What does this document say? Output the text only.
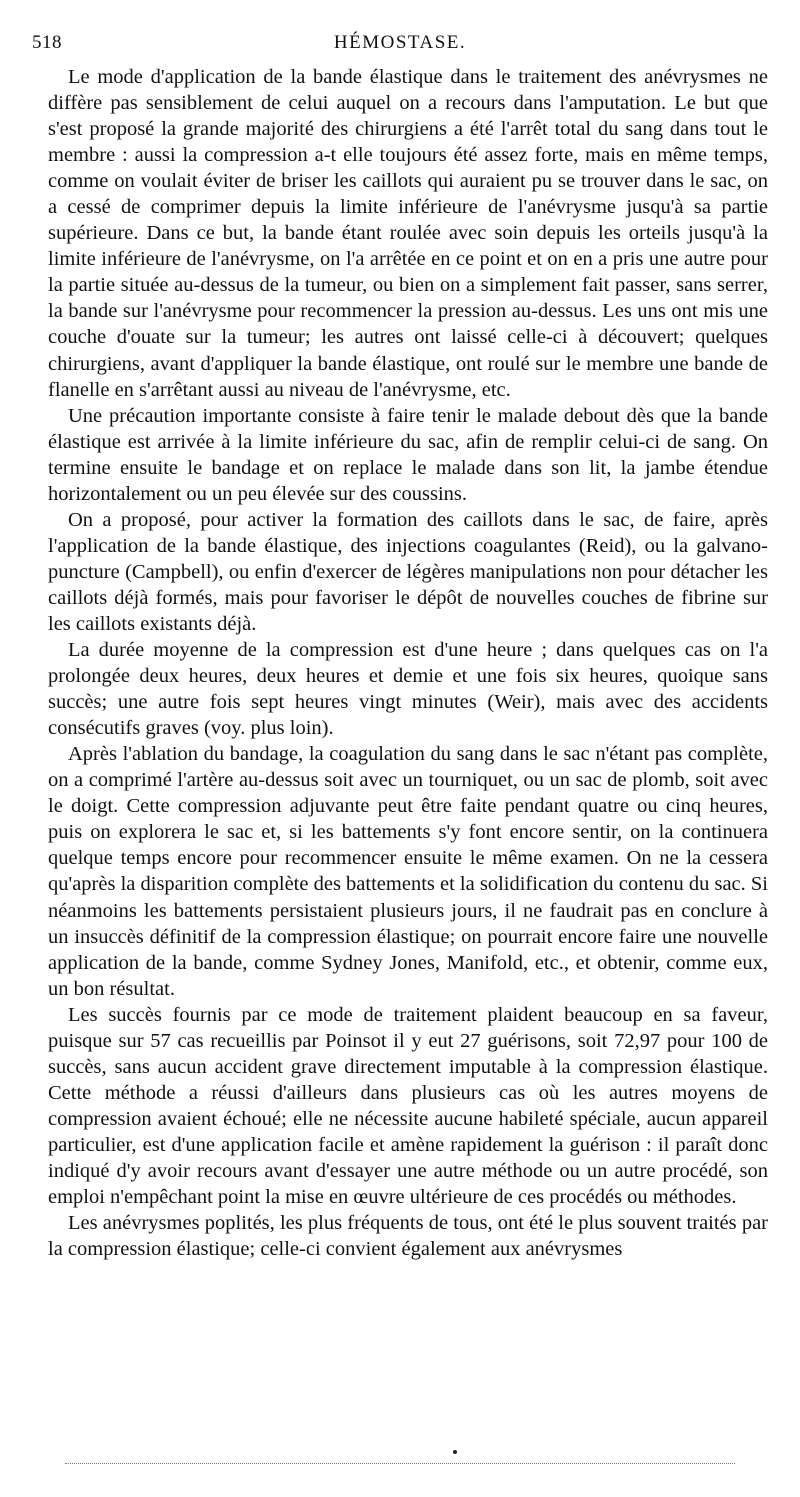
518	HÉMOSTASE.

Le mode d'application de la bande élastique dans le traitement des anévrysmes ne diffère pas sensiblement de celui auquel on a recours dans l'amputation. Le but que s'est proposé la grande majorité des chirurgiens a été l'arrêt total du sang dans tout le membre : aussi la compression a-t elle toujours été assez forte, mais en même temps, comme on voulait éviter de briser les caillots qui auraient pu se trouver dans le sac, on a cessé de comprimer depuis la limite inférieure de l'anévrysme jusqu'à sa partie supérieure. Dans ce but, la bande étant roulée avec soin depuis les orteils jusqu'à la limite inférieure de l'anévrysme, on l'a arrêtée en ce point et on en a pris une autre pour la partie située au-dessus de la tumeur, ou bien on a simplement fait passer, sans serrer, la bande sur l'anévrysme pour recommencer la pression au-dessus. Les uns ont mis une couche d'ouate sur la tumeur; les autres ont laissé celle-ci à découvert; quelques chirurgiens, avant d'appliquer la bande élastique, ont roulé sur le membre une bande de flanelle en s'arrêtant aussi au niveau de l'anévrysme, etc.

Une précaution importante consiste à faire tenir le malade debout dès que la bande élastique est arrivée à la limite inférieure du sac, afin de remplir celui-ci de sang. On termine ensuite le bandage et on replace le malade dans son lit, la jambe étendue horizontalement ou un peu élevée sur des coussins.

On a proposé, pour activer la formation des caillots dans le sac, de faire, après l'application de la bande élastique, des injections coagulantes (Reid), ou la galvano-puncture (Campbell), ou enfin d'exercer de légères manipulations non pour détacher les caillots déjà formés, mais pour favoriser le dépôt de nouvelles couches de fibrine sur les caillots existants déjà.

La durée moyenne de la compression est d'une heure ; dans quelques cas on l'a prolongée deux heures, deux heures et demie et une fois six heures, quoique sans succès; une autre fois sept heures vingt minutes (Weir), mais avec des accidents consécutifs graves (voy. plus loin).

Après l'ablation du bandage, la coagulation du sang dans le sac n'étant pas complète, on a comprimé l'artère au-dessus soit avec un tourniquet, ou un sac de plomb, soit avec le doigt. Cette compression adjuvante peut être faite pendant quatre ou cinq heures, puis on explorera le sac et, si les battements s'y font encore sentir, on la continuera quelque temps encore pour recommencer ensuite le même examen. On ne la cessera qu'après la disparition complète des battements et la solidification du contenu du sac. Si néanmoins les battements persistaient plusieurs jours, il ne faudrait pas en conclure à un insuccès définitif de la compression élastique; on pourrait encore faire une nouvelle application de la bande, comme Sydney Jones, Manifold, etc., et obtenir, comme eux, un bon résultat.

Les succès fournis par ce mode de traitement plaident beaucoup en sa faveur, puisque sur 57 cas recueillis par Poinsot il y eut 27 guérisons, soit 72,97 pour 100 de succès, sans aucun accident grave directement imputable à la compression élastique. Cette méthode a réussi d'ailleurs dans plusieurs cas où les autres moyens de compression avaient échoué; elle ne nécessite aucune habileté spéciale, aucun appareil particulier, est d'une application facile et amène rapidement la guérison : il paraît donc indiqué d'y avoir recours avant d'essayer une autre méthode ou un autre procédé, son emploi n'empêchant point la mise en œuvre ultérieure de ces procédés ou méthodes.

Les anévrysmes poplités, les plus fréquents de tous, ont été le plus souvent traités par la compression élastique; celle-ci convient également aux anévrysmes
